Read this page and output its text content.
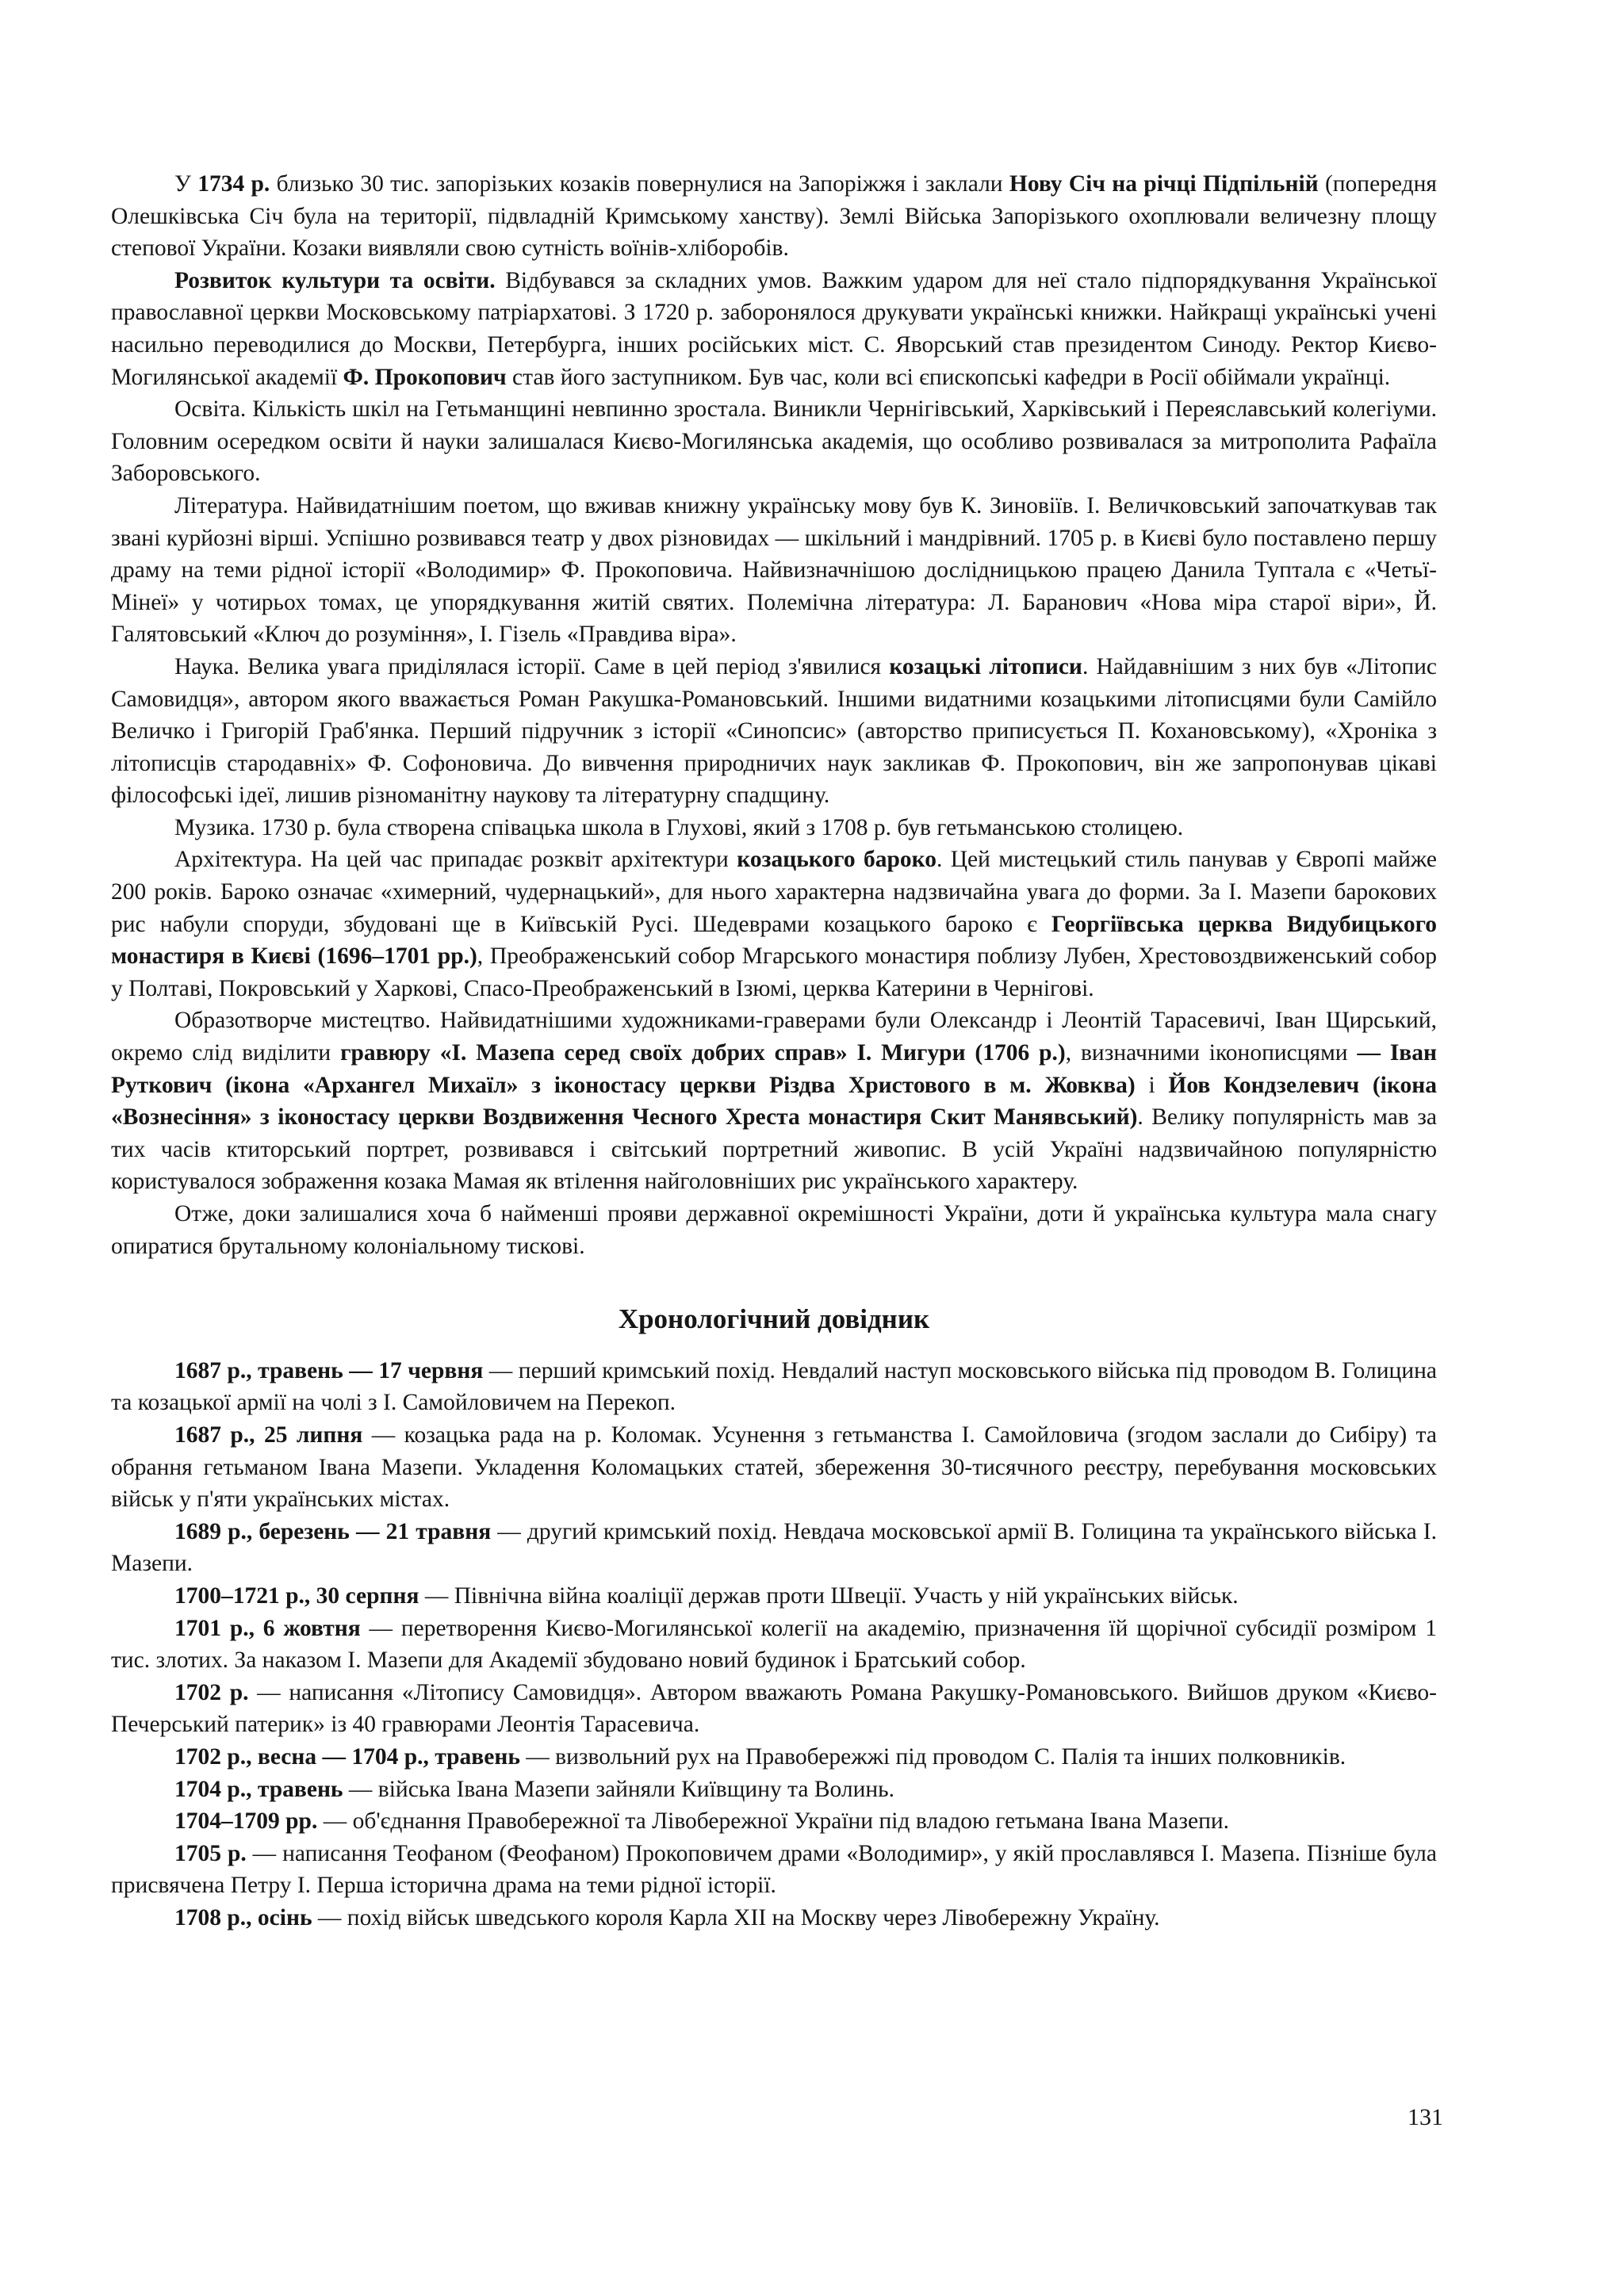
У 1734 р. близько 30 тис. запорізьких козаків повернулися на Запоріжжя і заклали Нову Січ на річці Підпільній (попередня Олешківська Січ була на території, підвладній Кримському ханству). Землі Війська Запорізького охоплювали величезну площу степової України. Козаки виявляли свою сутність воїнів-хліборобів.

Розвиток культури та освіти. Відбувався за складних умов. Важким ударом для неї стало підпорядкування Української православної церкви Московському патріархатові. З 1720 р. заборонялося друкувати українські книжки. Найкращі українські учені насильно переводилися до Москви, Петербурга, інших російських міст. С. Яворський став президентом Синоду. Ректор Києво-Могилянської академії Ф. Прокопович став його заступником. Був час, коли всі єпископські кафедри в Росії обіймали українці.

Освіта. Кількість шкіл на Гетьманщині невпинно зростала. Виникли Чернігівський, Харківський і Переяславський колегіуми. Головним осередком освіти й науки залишалася Києво-Могилянська академія, що особливо розвивалася за митрополита Рафаїла Заборовського.

Література. Найвидатнішим поетом, що вживав книжну українську мову був К. Зиновіїв. І. Величковський започаткував так звані курйозні вірші. Успішно розвивався театр у двох різновидах — шкільний і мандрівний. 1705 р. в Києві було поставлено першу драму на теми рідної історії «Володимир» Ф. Прокоповича. Найвизначнішою дослідницькою працею Данила Туптала є «Четьї-Мінеї» у чотирьох томах, це упорядкування житій святих. Полемічна література: Л. Баранович «Нова міра старої віри», Й. Галятовський «Ключ до розуміння», І. Гізель «Правдива віра».

Наука. Велика увага приділялася історії. Саме в цей період з'явилися козацькі літописи. Найдавнішим з них був «Літопис Самовидця», автором якого вважається Роман Ракушка-Романовський. Іншими видатними козацькими літописцями були Самійло Величко і Григорій Граб'янка. Перший підручник з історії «Синопсис» (авторство приписується П. Кохановському), «Хроніка з літописців стародавніх» Ф. Софоновича. До вивчення природничих наук закликав Ф. Прокопович, він же запропонував цікаві філософські ідеї, лишив різноманітну наукову та літературну спадщину.

Музика. 1730 р. була створена співацька школа в Глухові, який з 1708 р. був гетьманською столицею.

Архітектура. На цей час припадає розквіт архітектури козацького бароко. Цей мистецький стиль панував у Європі майже 200 років. Бароко означає «химерний, чудернацький», для нього характерна надзвичайна увага до форми. За І. Мазепи барокових рис набули споруди, збудовані ще в Київській Русі. Шедеврами козацького бароко є Георгіївська церква Видубицького монастиря в Києві (1696–1701 рр.), Преображенський собор Мгарського монастиря поблизу Лубен, Хрестовоздвиженський собор у Полтаві, Покровський у Харкові, Спасо-Преображенський в Ізюмі, церква Катерини в Чернігові.

Образотворче мистецтво. Найвидатнішими художниками-граверами були Олександр і Леонтій Тарасевичі, Іван Щирський, окремо слід виділити гравюру «І. Мазепа серед своїх добрих справ» І. Мигури (1706 р.), визначними іконописцями — Іван Руткович (ікона «Архангел Михаїл» з іконостасу церкви Різдва Христового в м. Жовква) і Йов Кондзелевич (ікона «Вознесіння» з іконостасу церкви Воздвиження Чесного Хреста монастиря Скит Манявський). Велику популярність мав за тих часів ктиторський портрет, розвивався і світський портретний живопис. В усій Україні надзвичайною популярністю користувалося зображення козака Мамая як втілення найголовніших рис українського характеру.

Отже, доки залишалися хоча б найменші прояви державної окремішності України, доти й українська культура мала снагу опиратися брутальному колоніальному тискові.

Хронологічний довідник

1687 р., травень — 17 червня — перший кримський похід. Невдалий наступ московського війська під проводом В. Голицина та козацької армії на чолі з І. Самойловичем на Перекоп.

1687 р., 25 липня — козацька рада на р. Коломак. Усунення з гетьманства І. Самойловича (згодом заслали до Сибіру) та обрання гетьманом Івана Мазепи. Укладення Коломацьких статей, збереження 30-тисячного реєстру, перебування московських військ у п'яти українських містах.

1689 р., березень — 21 травня — другий кримський похід. Невдача московської армії В. Голицина та українського війська І. Мазепи.

1700–1721 р., 30 серпня — Північна війна коаліції держав проти Швеції. Участь у ній українських військ.

1701 р., 6 жовтня — перетворення Києво-Могилянської колегії на академію, призначення їй щорічної субсидії розміром 1 тис. злотих. За наказом І. Мазепи для Академії збудовано новий будинок і Братський собор.

1702 р. — написання «Літопису Самовидця». Автором вважають Романа Ракушку-Романовського. Вийшов друком «Києво-Печерський патерик» із 40 гравюрами Леонтія Тарасевича.

1702 р., весна — 1704 р., травень — визвольний рух на Правобережжі під проводом С. Палія та інших полковників.

1704 р., травень — війська Івана Мазепи зайняли Київщину та Волинь.

1704–1709 рр. — об'єднання Правобережної та Лівобережної України під владою гетьмана Івана Мазепи.

1705 р. — написання Теофаном (Феофаном) Прокоповичем драми «Володимир», у якій прославлявся І. Мазепа. Пізніше була присвячена Петру І. Перша історична драма на теми рідної історії.

1708 р., осінь — похід військ шведського короля Карла XII на Москву через Лівобережну Україну.

131
